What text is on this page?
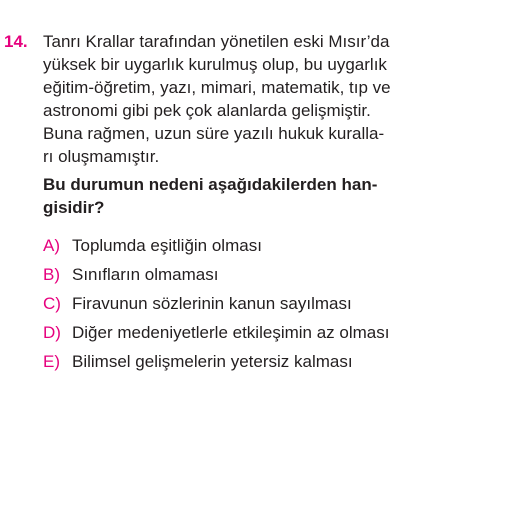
14. Tanrı Krallar tarafından yönetilen eski Mısır’da
yüksek bir uygarlık kurulmuş olup, bu uygarlık
eğitim-öğretim, yazı, mimari, matematik, tıp ve
astronomi gibi pek çok alanlarda gelişmiştir.
Buna rağmen, uzun süre yazılı hukuk kuralla-
rı oluşmamıştır.
Bu durumun nedeni aşağıdakilerden han-
gisidir?
A) Toplumda eşitliğin olması
B) Sınıfların olmaması
C) Firavunun sözlerinin kanun sayılması
D) Diğer medeniyetlerle etkileşimin az olması
E) Bilimsel gelişmelerin yetersiz kalması
